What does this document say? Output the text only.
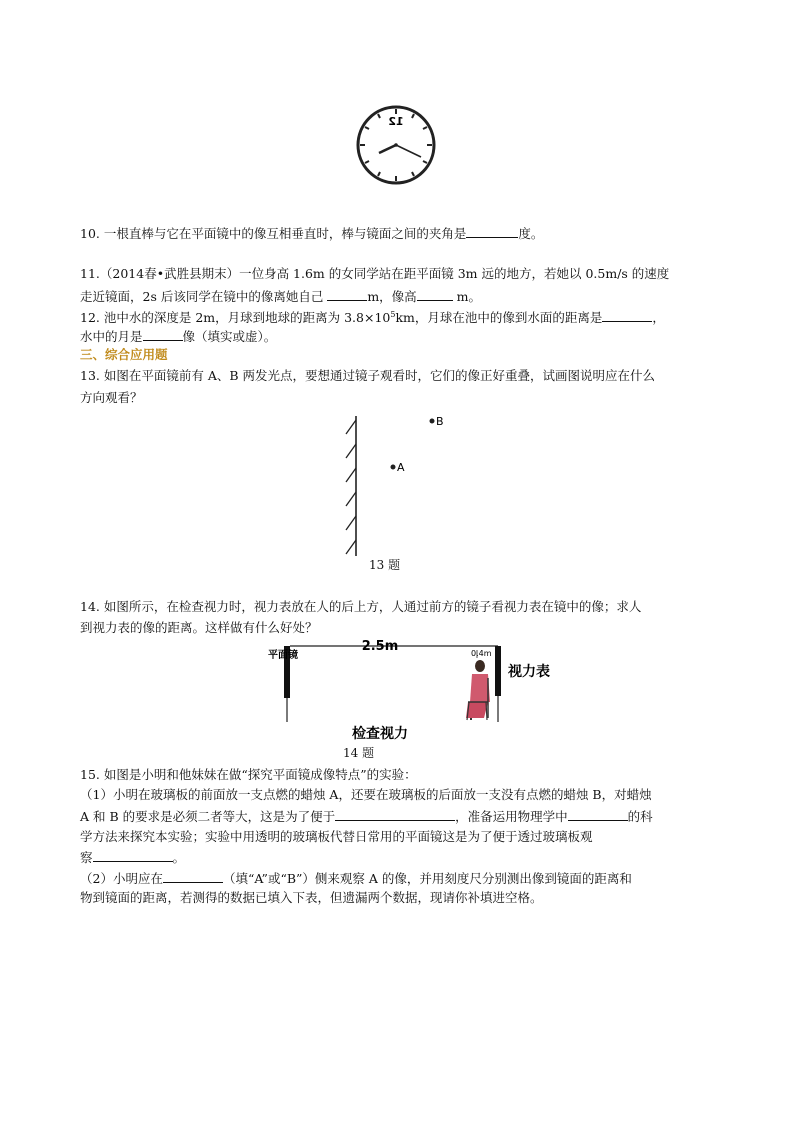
12
10. 一根直棒与它在平面镜中的像互相垂直时，棒与镜面之间的夹角是	度。
11.（2014春•武胜县期末）一位身高 1.6m 的女同学站在距平面镜 3m 远的地方，若她以 0.5m/s 的速度
走近镜面，2s 后该同学在镜中的像离她自己	m，像高	m。
12. 池中水的深度是 2m，月球到地球的距离为 $3.8\times 10^5km$，月球在池中的像到水面的距离是	，
水中的月是	像（填实或虚）。
三、综合应用题
13. 如图在平面镜前有 A、B 两发光点，要想通过镜子观看时，它们的像正好重叠，试画图说明应在什么
方向观看？
B
A
13 题
14. 如图所示，在检查视力时，视力表放在人的后上方，人通过前方的镜子看视力表在镜中的像；求人
到视力表的像的距离。这样做有什么好处？
平面镜
2.5m	0.4m
视力表
检查视力
14 题
15. 如图是小明和他妹妹在做“探究平面镜成像特点”的实验：
（1）小明在玻璃板的前面放一支点燃的蜡烛 A，还要在玻璃板的后面放一支没有点燃的蜡烛 B，对蜡烛
A 和 B 的要求是必须二者等大，这是为了便于	，准备运用物理学中	的科
学方法来探究本实验；实验中用透明的玻璃板代替日常用的平面镜这是为了便于透过玻璃板观
察	。
（2）小明应在	（填“A”或“B”）侧来观察 A 的像，并用刻度尺分别测出像到镜面的距离和
物到镜面的距离，若测得的数据已填入下表，但遗漏两个数据，现请你补填进空格。
